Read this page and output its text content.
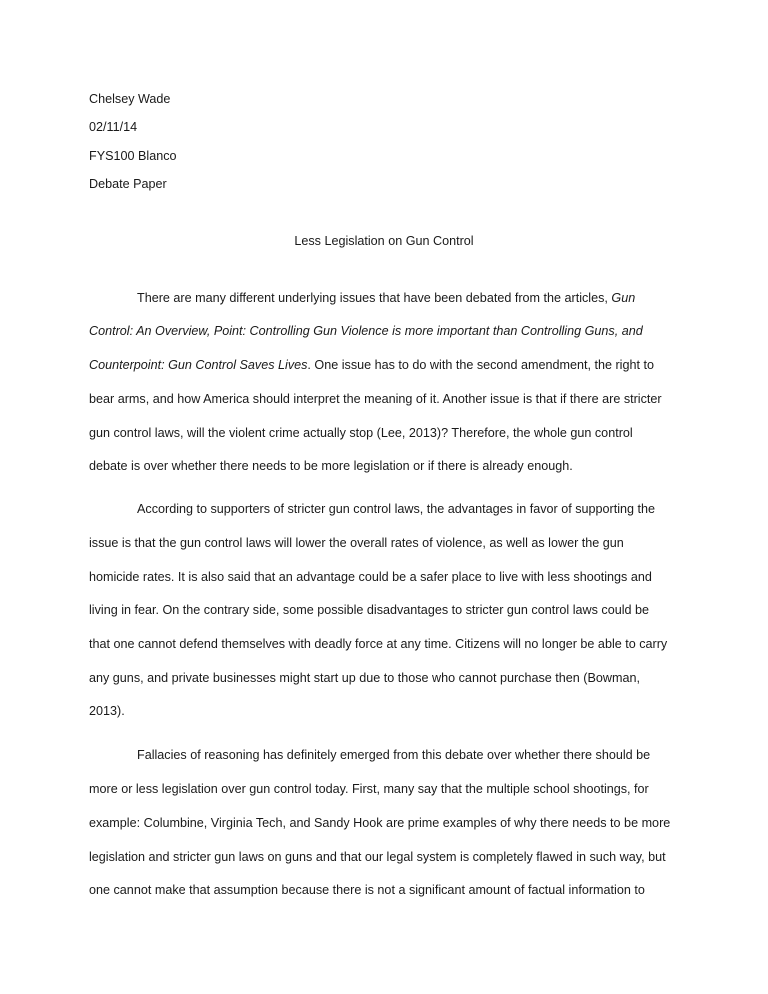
Chelsey Wade
02/11/14
FYS100 Blanco
Debate Paper
Less Legislation on Gun Control
There are many different underlying issues that have been debated from the articles, Gun
Control: An Overview, Point: Controlling Gun Violence is more important than Controlling Guns, and
Counterpoint: Gun Control Saves Lives. One issue has to do with the second amendment, the right to
bear arms, and how America should interpret the meaning of it. Another issue is that if there are stricter
gun control laws, will the violent crime actually stop (Lee, 2013)? Therefore, the whole gun control
debate is over whether there needs to be more legislation or if there is already enough.
According to supporters of stricter gun control laws, the advantages in favor of supporting the
issue is that the gun control laws will lower the overall rates of violence, as well as lower the gun
homicide rates. It is also said that an advantage could be a safer place to live with less shootings and
living in fear. On the contrary side, some possible disadvantages to stricter gun control laws could be
that one cannot defend themselves with deadly force at any time. Citizens will no longer be able to carry
any guns, and private businesses might start up due to those who cannot purchase then (Bowman,
2013).
Fallacies of reasoning has definitely emerged from this debate over whether there should be
more or less legislation over gun control today. First, many say that the multiple school shootings, for
example: Columbine, Virginia Tech, and Sandy Hook are prime examples of why there needs to be more
legislation and stricter gun laws on guns and that our legal system is completely flawed in such way, but
one cannot make that assumption because there is not a significant amount of factual information to
